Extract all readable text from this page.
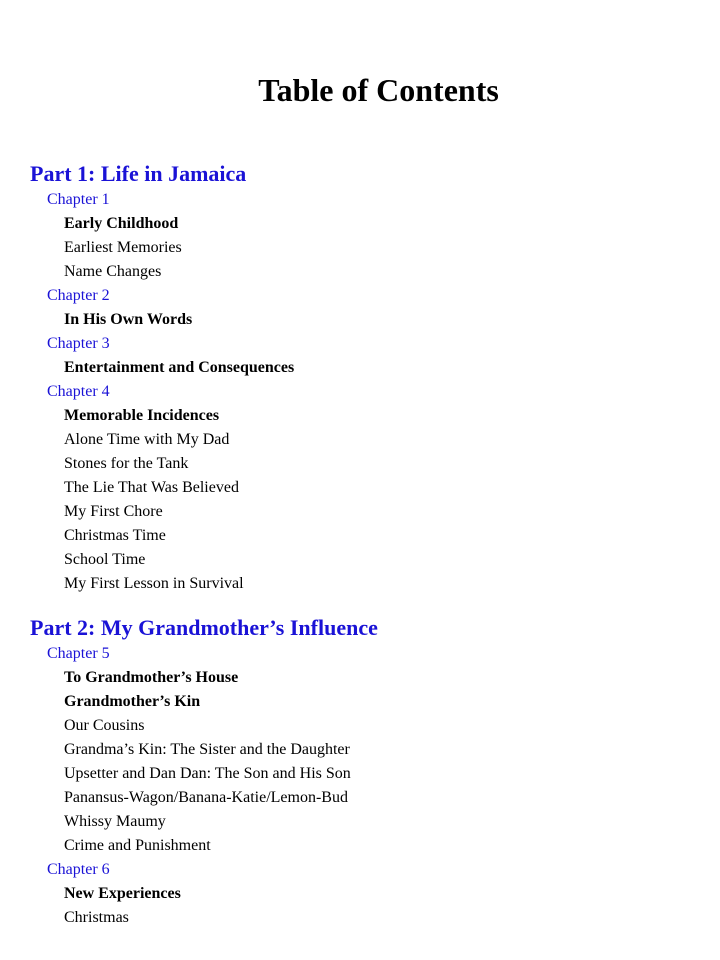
Table of Contents
Part 1: Life in Jamaica
Chapter 1
Early Childhood
Earliest Memories
Name Changes
Chapter 2
In His Own Words
Chapter 3
Entertainment and Consequences
Chapter 4
Memorable Incidences
Alone Time with My Dad
Stones for the Tank
The Lie That Was Believed
My First Chore
Christmas Time
School Time
My First Lesson in Survival
Part 2: My Grandmother’s Influence
Chapter 5
To Grandmother’s House
Grandmother’s Kin
Our Cousins
Grandma’s Kin: The Sister and the Daughter
Upsetter and Dan Dan: The Son and His Son
Panansus-Wagon/Banana-Katie/Lemon-Bud
Whissy Maumy
Crime and Punishment
Chapter 6
New Experiences
Christmas
